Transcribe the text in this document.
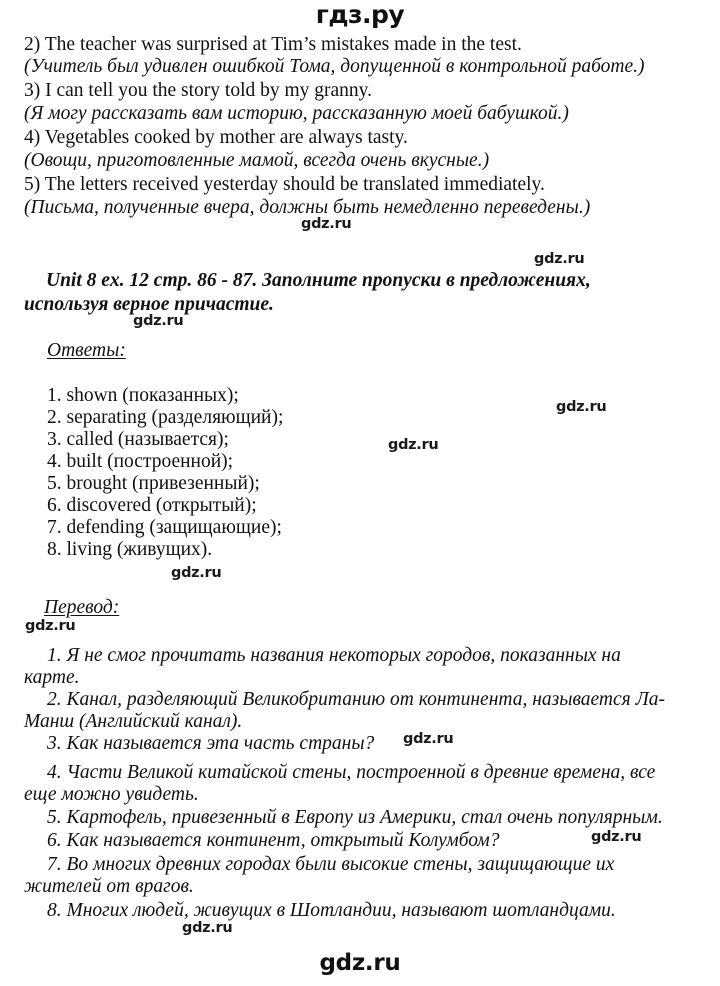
гдз.ру
2) The teacher was surprised at Tim’s mistakes made in the test.
(Учитель был удивлен ошибкой Тома, допущенной в контрольной работе.)
3) I can tell you the story told by my granny.
(Я могу рассказать вам историю, рассказанную моей бабушкой.)
4) Vegetables cooked by mother are always tasty.
(Овощи, приготовленные мамой, всегда очень вкусные.)
5) The letters received yesterday should be translated immediately.
(Письма, полученные вчера, должны быть немедленно переведены.)
Unit 8 ex. 12 стр. 86 - 87. Заполните пропуски в предложениях,
используя верное причастие.
Ответы:
1. shown (показанных);
2. separating (разделяющий);
3. called (называется);
4. built (построенной);
5. brought (привезенный);
6. discovered (открытый);
7. defending (защищающие);
8. living (живущих).
Перевод:
1. Я не смог прочитать названия некоторых городов, показанных на
карте.
2. Канал, разделяющий Великобританию от континента, называется Ла-
Манш (Английский канал).
3. Как называется эта часть страны?
4. Части Великой китайской стены, построенной в древние времена, все
еще можно увидеть.
5. Картофель, привезенный в Европу из Америки, стал очень популярным.
6. Как называется континент, открытый Колумбом?
7. Во многих древних городах были высокие стены, защищающие их
жителей от врагов.
8. Многих людей, живущих в Шотландии, называют шотландцами.
gdz.ru
gdz.ru
gdz.ru
gdz.ru
gdz.ru
gdz.ru
gdz.ru
gdz.ru
gdz.ru
gdz.ru
gdz.ru
